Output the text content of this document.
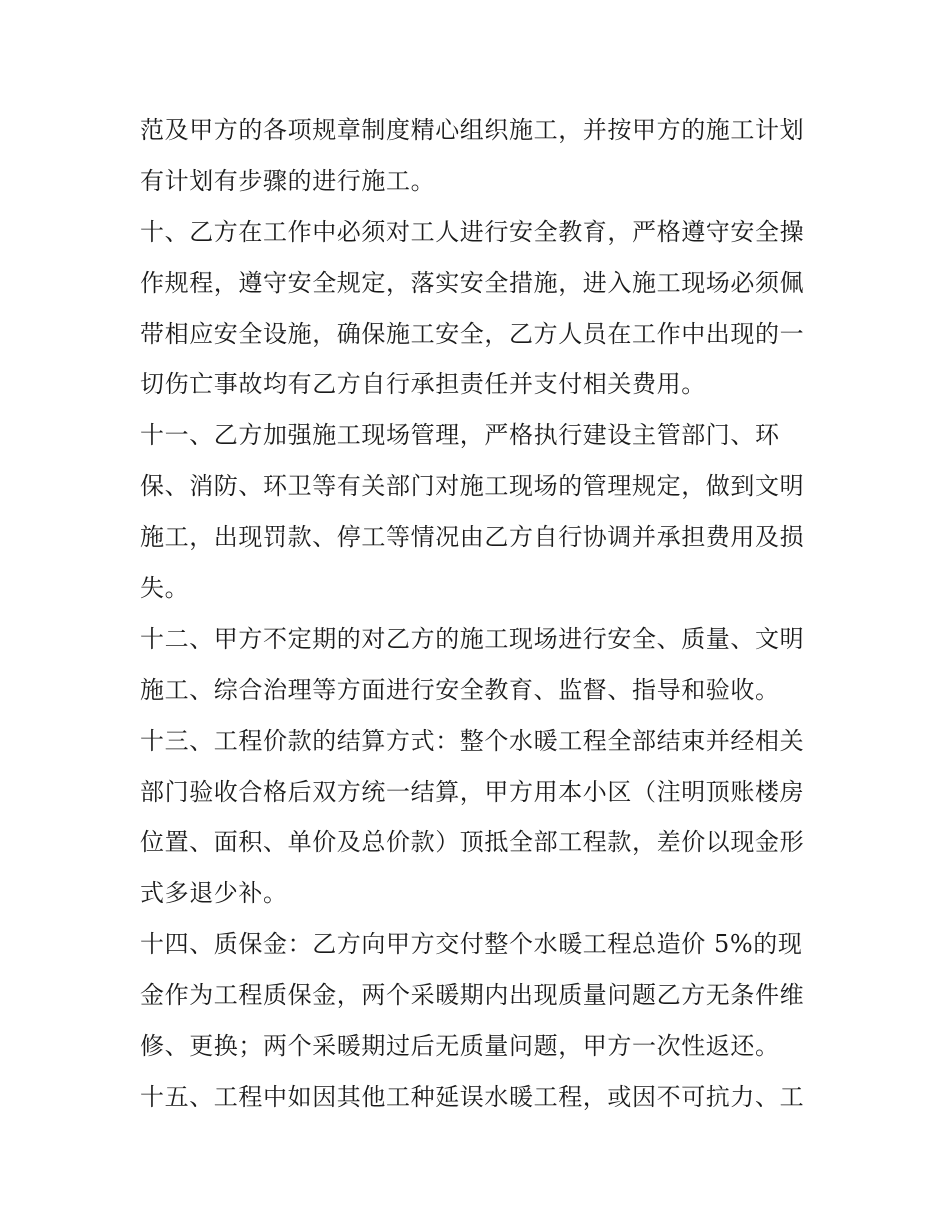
范及甲方的各项规章制度精心组织施工，并按甲方的施工计划
有计划有步骤的进行施工。
十、乙方在工作中必须对工人进行安全教育，严格遵守安全操
作规程，遵守安全规定，落实安全措施，进入施工现场必须佩
带相应安全设施，确保施工安全，乙方人员在工作中出现的一
切伤亡事故均有乙方自行承担责任并支付相关费用。
十一、乙方加强施工现场管理，严格执行建设主管部门、环
保、消防、环卫等有关部门对施工现场的管理规定，做到文明
施工，出现罚款、停工等情况由乙方自行协调并承担费用及损
失。
十二、甲方不定期的对乙方的施工现场进行安全、质量、文明
施工、综合治理等方面进行安全教育、监督、指导和验收。
十三、工程价款的结算方式：整个水暖工程全部结束并经相关
部门验收合格后双方统一结算，甲方用本小区（注明顶账楼房
位置、面积、单价及总价款）顶抵全部工程款，差价以现金形
式多退少补。
十四、质保金：乙方向甲方交付整个水暖工程总造价 5%的现
金作为工程质保金，两个采暖期内出现质量问题乙方无条件维
修、更换；两个采暖期过后无质量问题，甲方一次性返还。
十五、工程中如因其他工种延误水暖工程，或因不可抗力、工
